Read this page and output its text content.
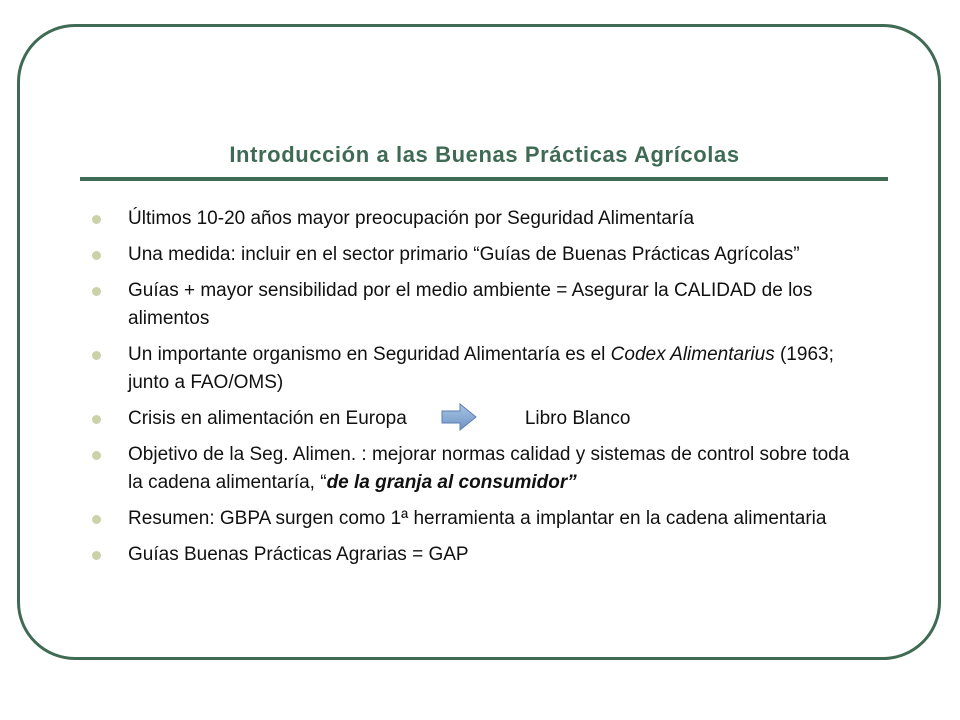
Introducción a las Buenas Prácticas Agrícolas
Últimos 10-20 años mayor preocupación por Seguridad Alimentaría
Una medida: incluir en el sector primario “Guías de Buenas Prácticas Agrícolas”
Guías + mayor sensibilidad por el medio ambiente = Asegurar la CALIDAD de los alimentos
Un importante organismo en Seguridad Alimentaría es el Codex Alimentarius (1963; junto a FAO/OMS)
Crisis en alimentación en Europa	Libro Blanco
Objetivo de la Seg. Alimen. : mejorar normas calidad y sistemas de control sobre toda la cadena alimentaría, “de la granja al consumidor”
Resumen: GBPA surgen como 1ª herramienta a implantar en la cadena alimentaria
Guías Buenas Prácticas Agrarias = GAP
